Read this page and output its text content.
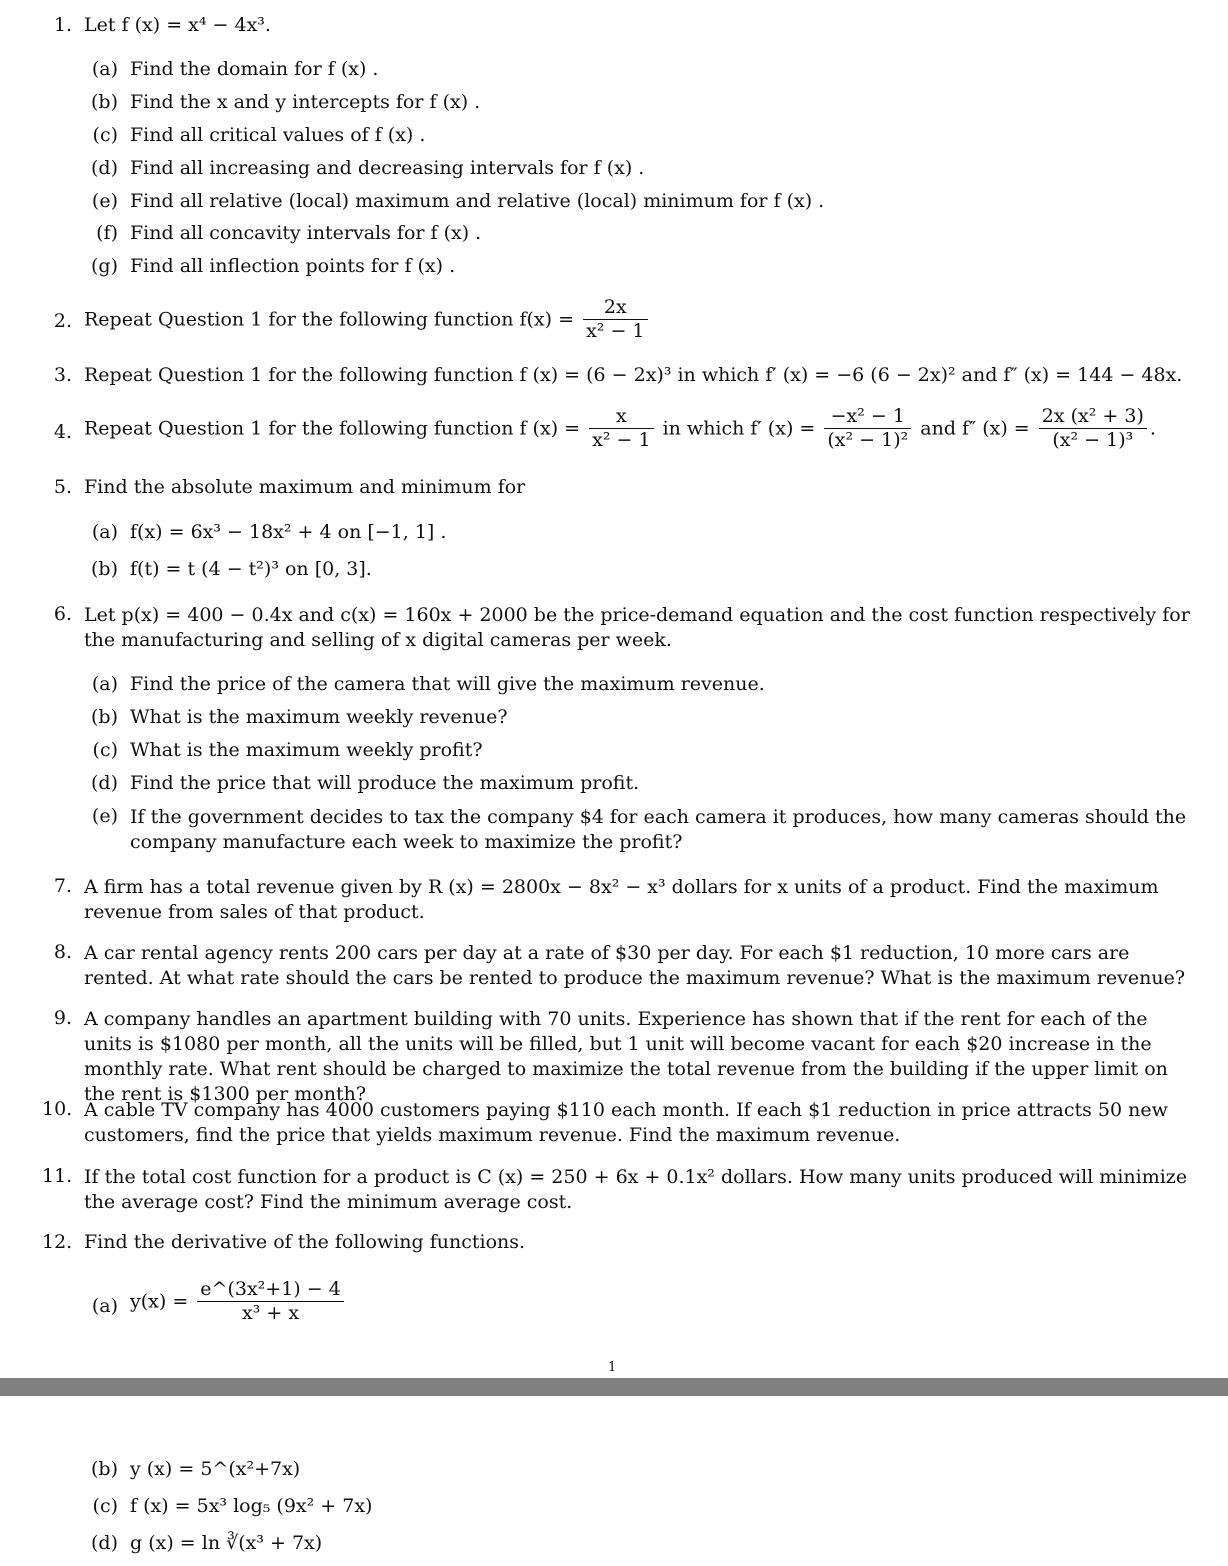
1. Let f (x) = x⁴ − 4x³.
(a) Find the domain for f (x) .
(b) Find the x and y intercepts for f (x) .
(c) Find all critical values of f (x) .
(d) Find all increasing and decreasing intervals for f (x) .
(e) Find all relative (local) maximum and relative (local) minimum for f (x) .
(f) Find all concavity intervals for f (x) .
(g) Find all inflection points for f (x) .
2. Repeat Question 1 for the following function $f(x) = \frac{2x}{\text{x² − 1}}$
3. Repeat Question 1 for the following function f (x) = (6 − 2x)³ in which f′ (x) = −6 (6 − 2x)² and f″ (x) = 144 − 48x.
4. Repeat Question 1 for the following function f $(x) = \frac{x}{\text{x² − 1}}$ in which f′ $(x) = \frac{\text{−x² − 1}}{\text{(x² − 1)²}}$ and f″ $(x) = \frac{\text{2x (x² + 3)}}{\text{(x² − 1)³}}$ .
5. Find the absolute maximum and minimum for
(a) f(x) = 6x³ − 18x² + 4 on [−1, 1] .
(b) f(t) = t (4 − t²)³ on [0, 3].
6. Let p(x) = 400 − 0.4x and c(x) = 160x + 2000 be the price-demand equation and the cost function respectively for the manufacturing and selling of x digital cameras per week.
(a) Find the price of the camera that will give the maximum revenue.
(b) What is the maximum weekly revenue?
(c) What is the maximum weekly profit?
(d) Find the price that will produce the maximum profit.
(e) If the government decides to tax the company $4 for each camera it produces, how many cameras should the company manufacture each week to maximize the profit?
7. A firm has a total revenue given by R (x) = 2800x − 8x² − x³ dollars for x units of a product. Find the maximum revenue from sales of that product.
8. A car rental agency rents 200 cars per day at a rate of $30 per day. For each $1 reduction, 10 more cars are rented. At what rate should the cars be rented to produce the maximum revenue? What is the maximum revenue?
9. A company handles an apartment building with 70 units. Experience has shown that if the rent for each of the units is $1080 per month, all the units will be filled, but 1 unit will become vacant for each $20 increase in the monthly rate. What rent should be charged to maximize the total revenue from the building if the upper limit on the rent is $1300 per month?
10. A cable TV company has 4000 customers paying $110 each month. If each $1 reduction in price attracts 50 new customers, find the price that yields maximum revenue. Find the maximum revenue.
11. If the total cost function for a product is C (x) = 250 + 6x + 0.1x² dollars. How many units produced will minimize the average cost? Find the minimum average cost.
12. Find the derivative of the following functions.
(a) $y(x) = \frac{\text{e\textasciicircum{}(3x²+1) − 4}}{\text{x³ + x}}$
1
(b) y (x) = 5^(x²+7x)
(c) f (x) = 5x³ log₅ (9x² + 7x)
(d) g (x) = ln ∛(x³ + 7x)
